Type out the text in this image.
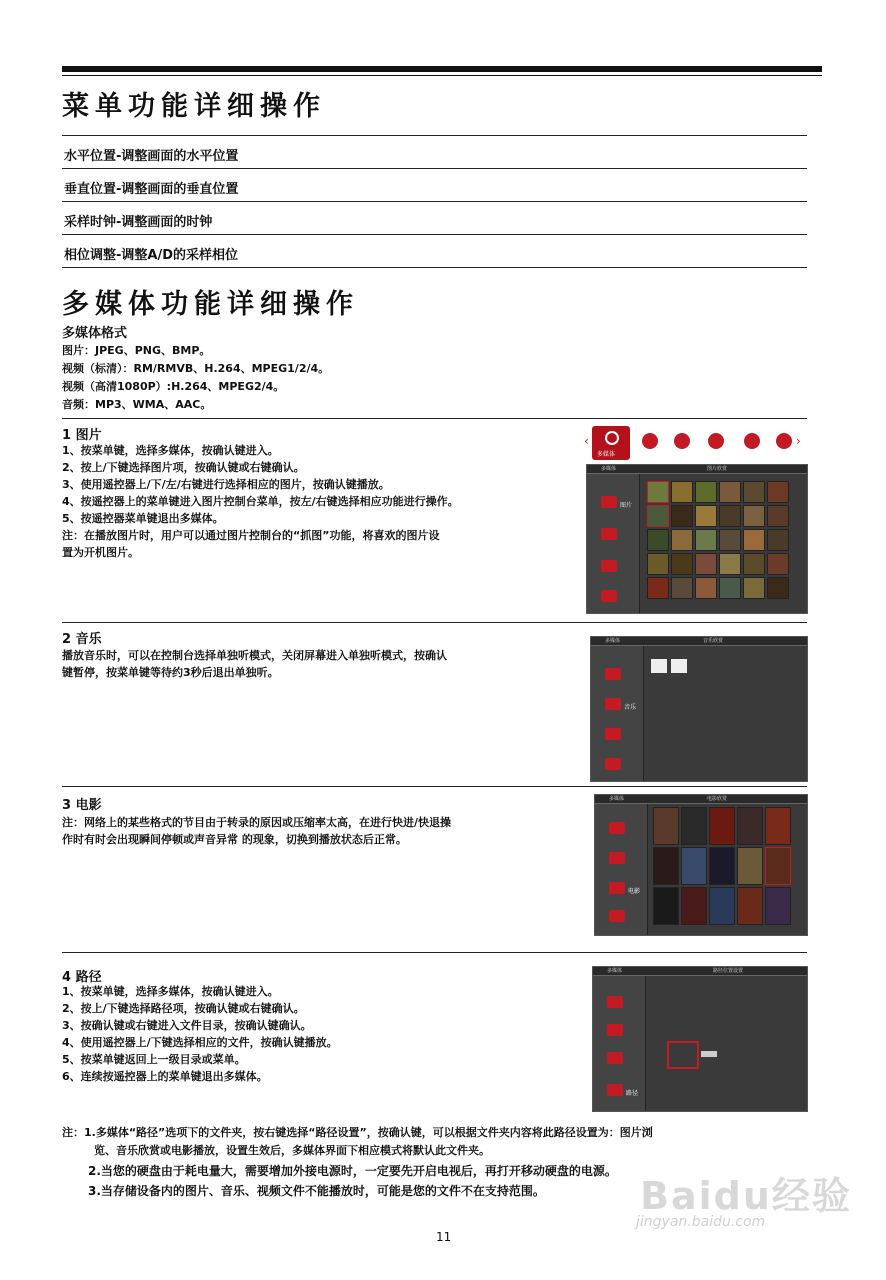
菜单功能详细操作
水平位置-调整画面的水平位置
垂直位置-调整画面的垂直位置
采样时钟-调整画面的时钟
相位调整-调整A/D的采样相位
多媒体功能详细操作
多媒体格式
图片：JPEG、PNG、BMP。
视频（标清）：RM/RMVB、H.264、MPEG1/2/4。
视频（高清1080P）:H.264、MPEG2/4。
音频：MP3、WMA、AAC。
1 图片
1、按菜单键，选择多媒体，按确认键进入。
2、按上/下键选择图片项，按确认键或右键确认。
3、使用遥控器上/下/左/右键进行选择相应的图片，按确认键播放。
4、按遥控器上的菜单键进入图片控制台菜单，按左/右键选择相应功能进行操作。
5、按遥控器菜单键退出多媒体。
注：在播放图片时，用户可以通过图片控制台的“抓图”功能，将喜欢的图片设
置为开机图片。
‹
多媒体
›
多媒体	图片欣赏
图片
2 音乐
播放音乐时，可以在控制台选择单独听模式，关闭屏幕进入单独听模式，按确认
键暂停，按菜单键等待约3秒后退出单独听。
多媒体	音乐欣赏
音乐
3 电影
注：网络上的某些格式的节目由于转录的原因或压缩率太高，在进行快进/快退操
作时有时会出现瞬间停顿或声音异常 的现象，切换到播放状态后正常。
多媒体	电影欣赏
电影
4 路径
1、按菜单键，选择多媒体，按确认键进入。
2、按上/下键选择路径项，按确认键或右键确认。
3、按确认键或右键进入文件目录，按确认键确认。
4、使用遥控器上/下键选择相应的文件，按确认键播放。
5、按菜单键返回上一级目录或菜单。
6、连续按遥控器上的菜单键退出多媒体。
多媒体	路径位置设置
路径
注：1.多媒体“路径”选项下的文件夹，按右键选择“路径设置”，按确认键，可以根据文件夹内容将此路径设置为：图片浏
览、音乐欣赏或电影播放，设置生效后，多媒体界面下相应模式将默认此文件夹。
2.当您的硬盘由于耗电量大，需要增加外接电源时，一定要先开启电视后，再打开移动硬盘的电源。
3.当存储设备内的图片、音乐、视频文件不能播放时，可能是您的文件不在支持范围。	Baidu经验
jingyan.baidu.com
11
